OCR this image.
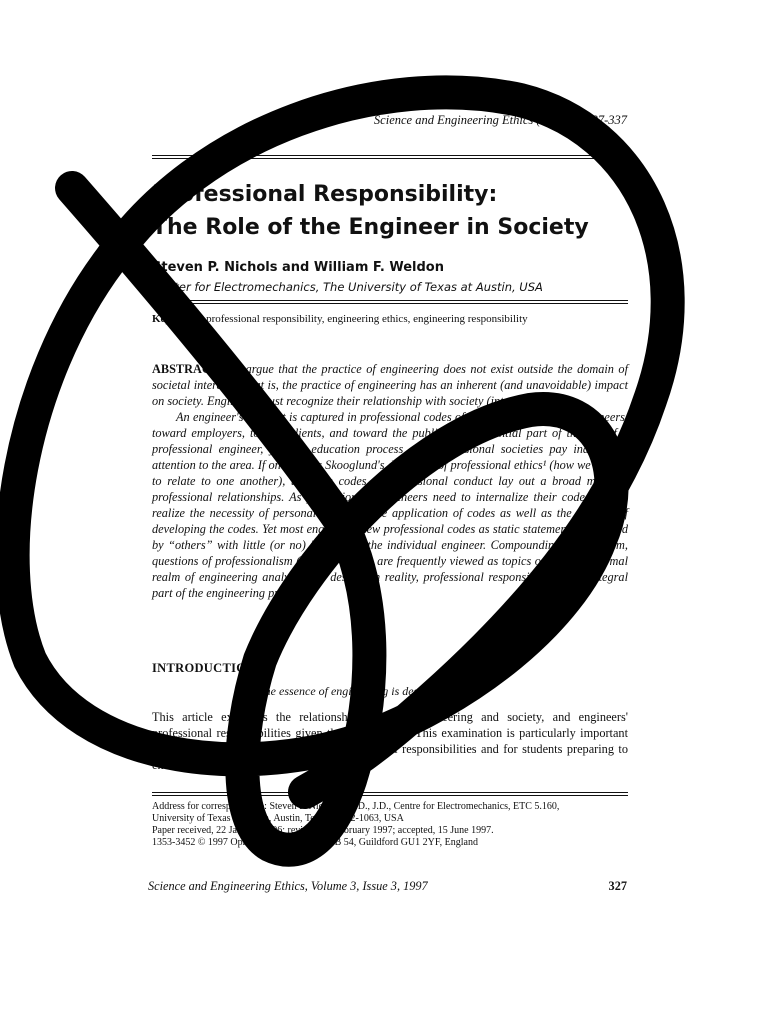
Science and Engineering Ethics (1997) 3, 327-337
Professional Responsibility:
The Role of the Engineer in Society
Steven P. Nichols and William F. Weldon
Center for Electromechanics, The University of Texas at Austin, USA
Keywords: professional responsibility, engineering ethics, engineering responsibility

ABSTRACT: We argue that the practice of engineering does not exist outside the domain of societal interests. That is, the practice of engineering has an inherent (and unavoidable) impact on society. Engineers must recognize their relationship with society (inter alia).

An engineer's conduct is captured in professional codes of conduct toward other engineers, toward employers, toward clients, and toward the public is an essential part of the life of a professional engineer, yet the education process and professional societies pay inadequate attention to the area. If one adopts Skooglund's definition of professional ethics¹ (how we choose to relate to one another), then the codes of professional conduct lay out a broad map for professional relationships. As professionals, engineers need to internalize their codes and to realize the necessity of personal choice in the application of codes as well as the process of developing the codes. Yet most engineers view professional codes as static statements developed by “others” with little (or no) input from the individual engineer. Compounding the problem, questions of professionalism (such as ethics) are frequently viewed as topics outside the normal realm of engineering analysis and design. In reality, professional responsibility is an integral part of the engineering process.

INTRODUCTION
The essence of engineering is design. — Koen²

This article examines the relationship between engineering and society, and engineers' professional responsibilities given that relationship. This examination is particularly important to engineers in the exercise of their professional responsibilities and for students preparing to enter fields of engineering.

Address for correspondence: Steven P. Nichols, Ph.D., J.D., Centre for Electromechanics, ETC 5.160,
University of Texas at Austin, Austin, Texas 78712-1063, USA
Paper received, 22 January 1996; revised, 19 February 1997; accepted, 15 June 1997.
1353-3452 © 1997 Opragen Publications, POB 54, Guildford GU1 2YF, England
Science and Engineering Ethics, Volume 3, Issue 3, 1997	327
